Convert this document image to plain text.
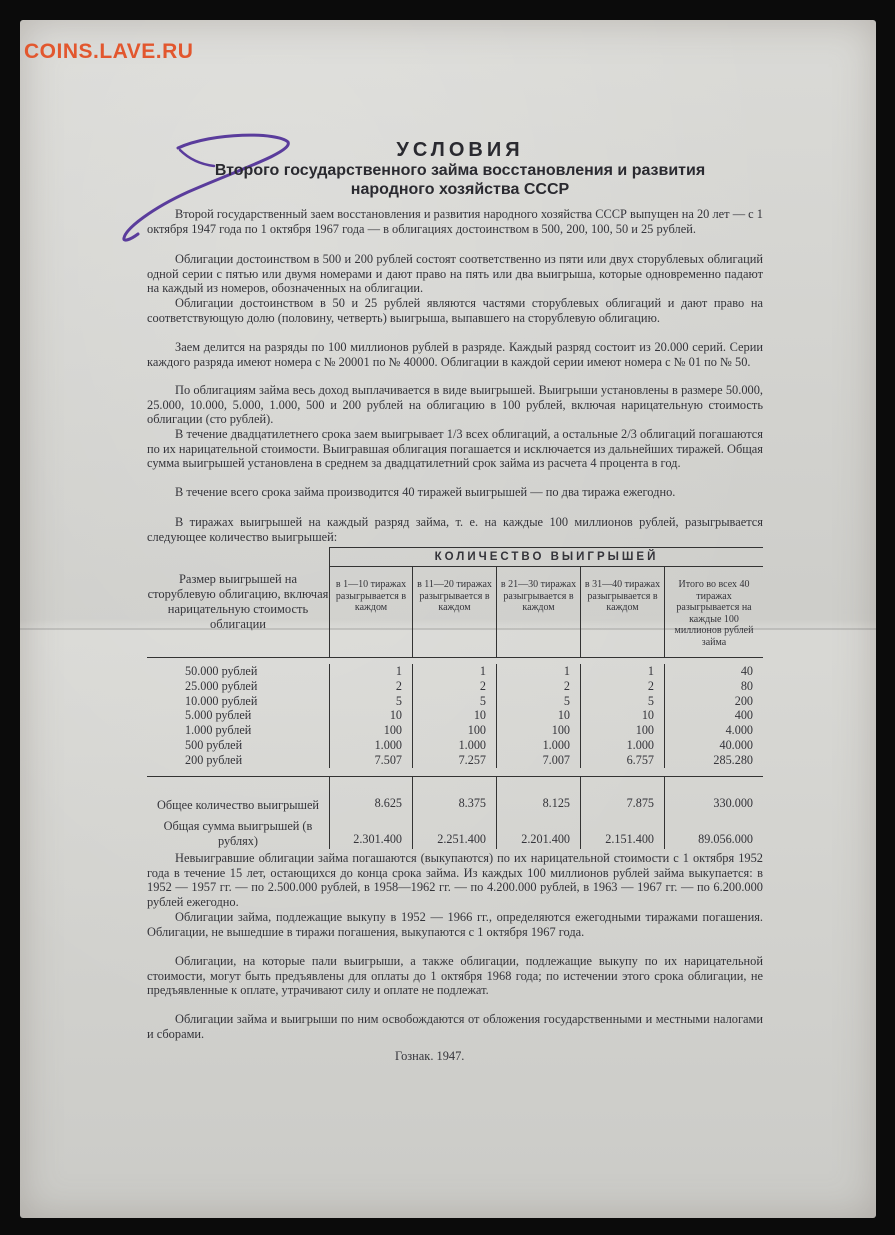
COINS.LAVE.RU
УСЛОВИЯ
Второго государственного займа восстановления и развития
народного хозяйства СССР

Второй государственный заем восстановления и развития народного хозяйства СССР выпущен на 20 лет — с 1 октября 1947 года по 1 октября 1967 года — в облигациях достоинством в 500, 200, 100, 50 и 25 рублей.

Облигации достоинством в 500 и 200 рублей состоят соответственно из пяти или двух сторублевых облигаций одной серии с пятью или двумя номерами и дают право на пять или два выигрыша, которые одновременно падают на каждый из номеров, обозначенных на облигации.

Облигации достоинством в 50 и 25 рублей являются частями сторублевых облигаций и дают право на соответствующую долю (половину, четверть) выигрыша, выпавшего на сторублевую облигацию.

Заем делится на разряды по 100 миллионов рублей в разряде. Каждый разряд состоит из 20.000 серий. Серии каждого разряда имеют номера с № 20001 по № 40000. Облигации в каждой серии имеют номера с № 01 по № 50.

По облигациям займа весь доход выплачивается в виде выигрышей. Выигрыши установлены в размере 50.000, 25.000, 10.000, 5.000, 1.000, 500 и 200 рублей на облигацию в 100 рублей, включая нарицательную стоимость облигации (сто рублей).

В течение двадцатилетнего срока заем выигрывает 1/3 всех облигаций, а остальные 2/3 облигаций погашаются по их нарицательной стоимости. Выигравшая облигация погашается и исключается из дальнейших тиражей. Общая сумма выигрышей установлена в среднем за двадцатилетний срок займа из расчета 4 процента в год.

В течение всего срока займа производится 40 тиражей выигрышей — по два тиража ежегодно.

В тиражах выигрышей на каждый разряд займа, т. е. на каждые 100 миллионов рублей, разыгрывается следующее количество выигрышей:

Размер выигрышей на сторублевую облигацию, включая нарицательную стоимость облигации	КОЛИЧЕСТВО ВЫИГРЫШЕЙ				
	в 1—10 тиражах разыгрывается в каждом	в 11—20 тиражах разыгрывается в каждом	в 21—30 тиражах разыгрывается в каждом	в 31—40 тиражах разыгрывается в каждом	Итого во всех 40 тиражах разыгрывается на каждые 100 миллионов рублей займа

50.000 рублей	1	1	1	1	40
25.000 рублей	2	2	2	2	80
10.000 рублей	5	5	5	5	200
5.000 рублей	10	10	10	10	400
1.000 рублей	100	100	100	100	4.000
500 рублей	1.000	1.000	1.000	1.000	40.000
200 рублей	7.507	7.257	7.007	6.757	285.280

Общее количество выигрышей	8.625	8.375	8.125	7.875	330.000
Общая сумма выигрышей (в рублях)	2.301.400	2.251.400	2.201.400	2.151.400	89.056.000

Невыигравшие облигации займа погашаются (выкупаются) по их нарицательной стоимости с 1 октября 1952 года в течение 15 лет, остающихся до конца срока займа. Из каждых 100 миллионов рублей займа выкупается: в 1952 — 1957 гг. — по 2.500.000 рублей, в 1958—1962 гг. — по 4.200.000 рублей, в 1963 — 1967 гг. — по 6.200.000 рублей ежегодно.

Облигации займа, подлежащие выкупу в 1952 — 1966 гг., определяются ежегодными тиражами погашения. Облигации, не вышедшие в тиражи погашения, выкупаются с 1 октября 1967 года.

Облигации, на которые пали выигрыши, а также облигации, подлежащие выкупу по их нарицательной стоимости, могут быть предъявлены для оплаты до 1 октября 1968 года; по истечении этого срока облигации, не предъявленные к оплате, утрачивают силу и оплате не подлежат.

Облигации займа и выигрыши по ним освобождаются от обложения государственными и местными налогами и сборами.

Гознак. 1947.
